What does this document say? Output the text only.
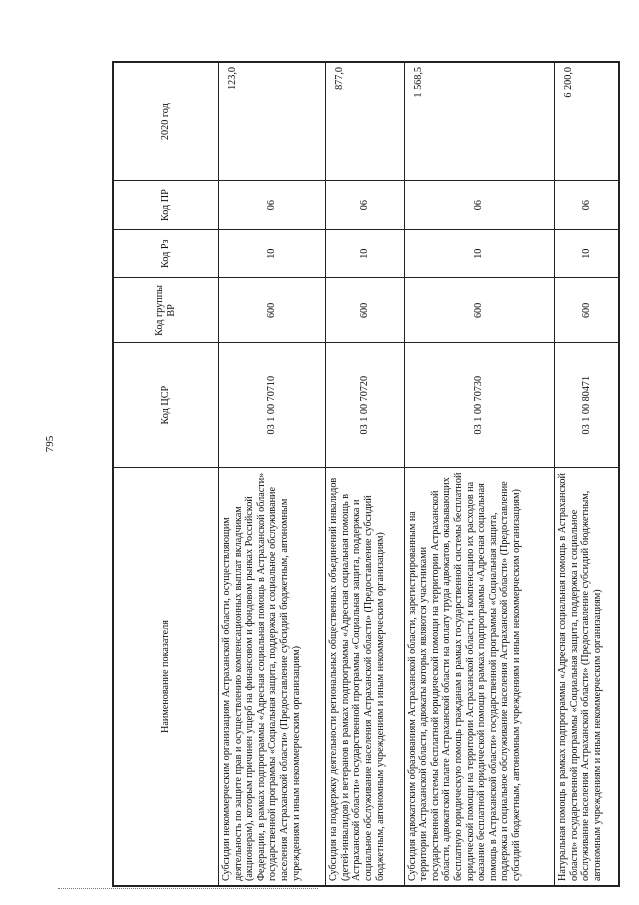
795
Наименование показателя	Код ЦСР	Код группы ВР	Код Рз	Код ПР	2020 год
Субсидии некоммерческим организациям Астраханской области, осуществляющим деятельность по защите прав и осуществлению компенсационных выплат вкладчикам (акционерам), которым причинен ущерб на финансовом и фондовом рынках Российской Федерации, в рамках подпрограммы «Адресная социальная помощь в Астраханской области» государственной программы «Социальная защита, поддержка и социальное обслуживание населения Астраханской области» (Предоставление субсидий бюджетным, автономным учреждениям и иным некоммерческим организациям)	03 1 00 70710	600	10	06	123,0
Субсидия на поддержку деятельности региональных общественных объединений инвалидов (детей-инвалидов) и ветеранов в рамках подпрограммы «Адресная социальная помощь в Астраханской области» государственной программы «Социальная защита, поддержка и социальное обслуживание населения Астраханской области» (Предоставление субсидий бюджетным, автономным учреждениям и иным некоммерческим организациям)	03 1 00 70720	600	10	06	877,0
Субсидия адвокатским образованиям Астраханской области, зарегистрированным на территории Астраханской области, адвокаты которых являются участниками государственной системы бесплатной юридической помощи на территории Астраханской области, адвокатской палате Астраханской области на оплату труда адвокатов, оказывающих бесплатную юридическую помощь гражданам в рамках государственной системы бесплатной юридической помощи на территории Астраханской области, и компенсацию их расходов на оказание бесплатной юридической помощи в рамках подпрограммы «Адресная социальная помощь в Астраханской области» государственной программы «Социальная защита, поддержка и социальное обслуживание населения Астраханской области» (Предоставление субсидий бюджетным, автономным учреждениям и иным некоммерческим организациям)	03 1 00 70730	600	10	06	1 568,5
Натуральная помощь в рамках подпрограммы «Адресная социальная помощь в Астраханской области» государственной программы «Социальная защита, поддержка и социальное обслуживание населения Астраханской области» (Предоставление субсидий бюджетным, автономным учреждениям и иным некоммерческим организациям)	03 1 00 80471	600	10	06	6 200,0
